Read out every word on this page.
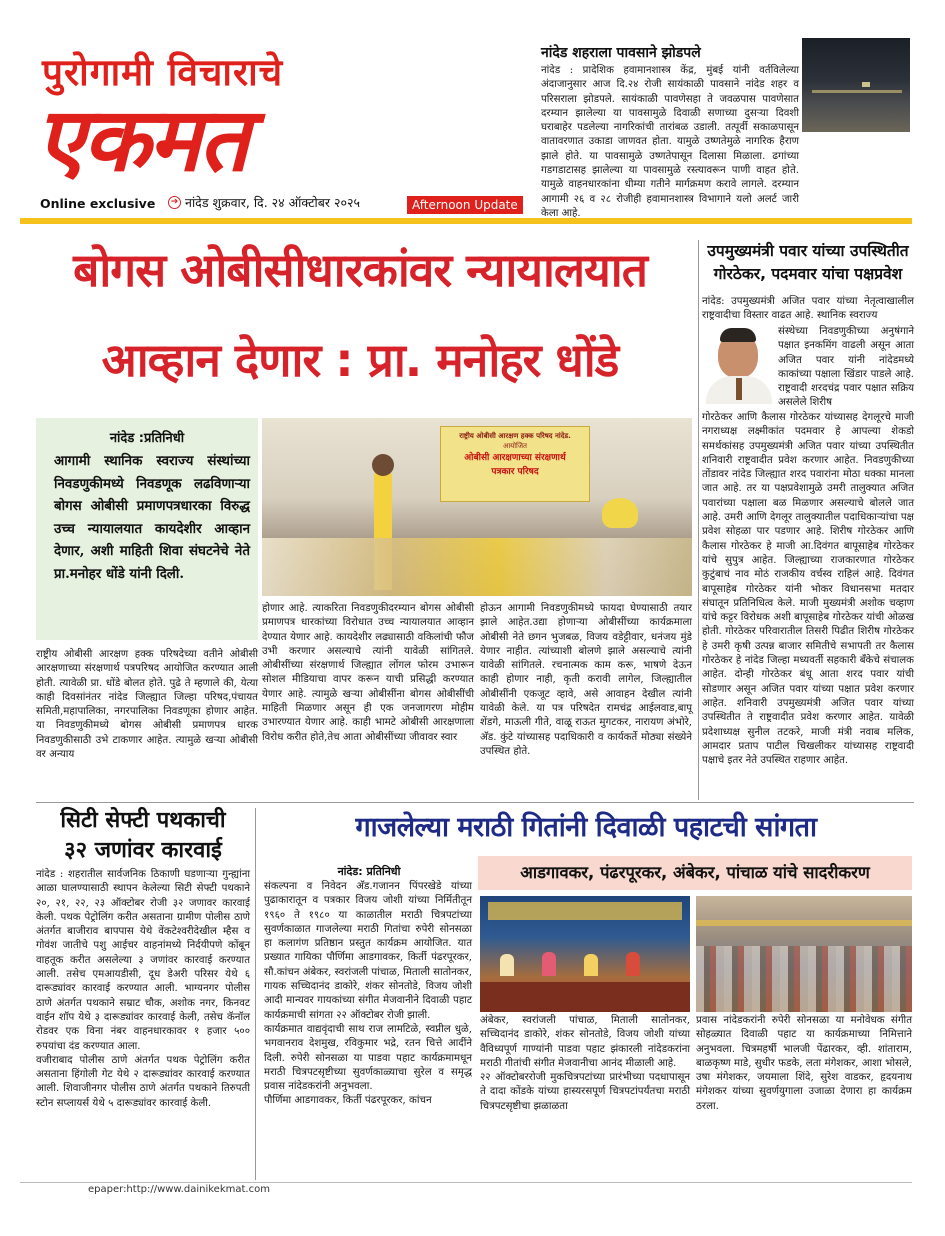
पुरोगामी विचाराचे
एकमत
Online exclusive	➔ नांदेड शुक्रवार, दि. २४ ऑक्टोबर २०२५	Afternoon Update
नांदेड शहराला पावसाने झोडपले
नांदेड : प्रादेशिक हवामानशास्त्र केंद्र, मुंबई यांनी वर्तविलेल्या अंदाजानुसार आज दि.२४ रोजी सायंकाळी पावसाने नांदेड शहर व परिसराला झोडपले. सायंकाळी पावणेसहा ते जवळपास पावणेसात दरम्यान झालेल्या या पावसामुळे दिवाळी सणाच्या दुसऱ्या दिवशी घराबाहेर पडलेल्या नागरिकांची तारांबळ उडाली. तत्पूर्वी सकाळपासून वातावरणात उकाडा जाणवत होता. यामुळे उष्णतेमुळे नागरिक हैराण झाले होते. या पावसामुळे उष्णतेपासून दिलासा मिळाला. ढगांच्या गडगडाटासह झालेल्या या पावसामुळे रस्त्यावरून पाणी वाहत होते. यामुळे वाहनधारकांना धीम्या गतीने मार्गक्रमण करावे लागले. दरम्यान आगामी २६ व २८ रोजीही हवामानशास्त्र विभागाने यलो अलर्ट जारी केला आहे.
बोगस ओबीसीधारकांवर न्यायालयात
आव्हान देणार : प्रा. मनोहर धोंडे
नांदेड :प्रतिनिधी
आगामी स्थानिक स्वराज्य संस्थांच्या निवडणुकीमध्ये निवडणूक लढविणाऱ्या बोगस ओबीसी प्रमाणपत्रधारका विरुद्ध उच्च न्यायालयात कायदेशीर आव्हान देणार, अशी माहिती शिवा संघटनेचे नेते प्रा.मनोहर धोंडे यांनी दिली.
राष्ट्रीय ओबीसी आरक्षण हक्क परिषद नांदेड.
आयोजित
ओबीसी आरक्षणाच्या संरक्षणार्थ
पत्रकार परिषद
राष्ट्रीय ओबीसी आरक्षण हक्क परिषदेच्या वतीने ओबीसी आरक्षणाच्या संरक्षणार्थ पत्रपरिषद आयोजित करण्यात आली होती. त्यावेळी प्रा. धोंडे बोलत होते. पुढे ते म्हणाले की, येत्या काही दिवसांनंतर नांदेड जिल्ह्यात जिल्हा परिषद,पंचायत समिती,महापालिका, नगरपालिका निवडणूका होणार आहेत. या निवडणुकीमध्ये बोगस ओबीसी प्रमाणपत्र धारक निवडणुकीसाठी उभे टाकणार आहेत. त्यामुळे खऱ्या ओबीसी वर अन्याय
होणार आहे. त्याकरिता निवडणुकीदरम्यान बोगस ओबीसी प्रमाणपत्र धारकांच्या विरोधात उच्च न्यायालयात आव्हान देण्यात येणार आहे. कायदेशीर लढ्यासाठी वकिलांची फौज उभी करणार असल्याचे त्यांनी यावेळी सांगितले. ओबीसींच्या संरक्षणार्थ जिल्ह्यात लोंगल फोरम उभारून सोशल मीडियाचा वापर करून याची प्रसिद्धी करण्यात येणार आहे. त्यामुळे खऱ्या ओबीसींना बोगस ओबीसींची माहिती मिळणार असून ही एक जनजागरण मोहीम उभारण्यात येणार आहे. काही भामटे ओबीसी आरक्षणाला विरोध करीत होते,तेच आता ओबीसींच्या जीवावर स्वार
होऊन आगामी निवडणुकीमध्ये फायदा घेण्यासाठी तयार झाले आहेत.उद्या होणाऱ्या ओबीसींच्या कार्यक्रमाला ओबीसी नेते छगन भुजबळ, विजय वडेट्टीवार, धनंजय मुंडे येणार नाहीत. त्यांच्याशी बोलणे झाले असल्याचे त्यांनी यावेळी सांगितले. रचनात्मक काम करू, भाषणे देऊन काही होणार नाही, कृती करावी लागेल, जिल्ह्यातील ओबीसींनी एकजूट व्हावे, असे आवाहन देखील त्यांनी यावेळी केले. या पत्र परिषदेत रामचंद्र आईलवाड,बापू शेंडगे, माऊली गीते, वाळू राऊत मुगटकर, नारायण अंभोरे, अ‍ॅड. कुंटे यांच्यासह पदाधिकारी व कार्यकर्ते मोठ्या संख्येने उपस्थित होते.
उपमुख्यमंत्री पवार यांच्या उपस्थितीत गोरठेकर, पदमवार यांचा पक्षप्रवेश
नांदेड: उपमुख्यमंत्री अजित पवार यांच्या नेतृत्वाखालील राष्ट्रवादीचा विस्तार वाढत आहे. स्थानिक स्वराज्य
संस्थेच्या निवडणुकीच्या अनुषंगाने पक्षात इनकमिंग वाढली असून आता अजित पवार यांनी नांदेडमध्ये काकांच्या पक्षाला खिंडार पाडले आहे. राष्ट्रवादी शरदचंद्र पवार पक्षात सक्रिय असलेले शिरीष
गोरठेकर आणि कैलास गोरठेकर यांच्यासह देगलूरचे माजी नगराध्यक्ष लक्ष्मीकांत पदमवार हे आपल्या शेकडो समर्थकांसह उपमुख्यमंत्री अजित पवार यांच्या उपस्थितीत शनिवारी राष्ट्रवादीत प्रवेश करणार आहेत. निवडणुकीच्या तोंडावर नांदेड जिल्ह्यात शरद पवारांना मोठा धक्का मानला जात आहे. तर या पक्षप्रवेशामुळे उमरी तालुक्यात अजित पवारांच्या पक्षाला बळ मिळणार असल्याचे बोलले जात आहे. उमरी आणि देगलूर तालुक्यातील पदाधिकाऱ्यांचा पक्ष प्रवेश सोहळा पार पडणार आहे. शिरीष गोरठेकर आणि कैलास गोरठेकर हे माजी आ.दिवंगत बापूसाहेब गोरठेकर यांचे सुपुत्र आहेत. जिल्ह्याच्या राजकारणात गोरठेकर कुटुंबाचं नाव मोठं राजकीय वर्चस्व राहिलं आहे. दिवंगत बापूसाहेब गोरठेकर यांनी भोकर विधानसभा मतदार संघातून प्रतिनिधित्व केले. माजी मुख्यमंत्री अशोक चव्हाण यांचे कट्टर विरोधक अशी बापूसाहेब गोरठेकर यांची ओळख होती. गोरठेकर परिवारातील तिसरी पिढीत शिरीष गोरठेकर हे उमरी कृषी उत्पन्न बाजार समितीचे सभापती तर कैलास गोरठेकर हे नांदेड जिल्हा मध्यवर्ती सहकारी बँकेचे संचालक आहेत. दोन्ही गोरठेकर बंधू आता शरद पवार यांची सोडणार असून अजित पवार यांच्या पक्षात प्रवेश करणार आहेत. शनिवारी उपमुख्यमंत्री अजित पवार यांच्या उपस्थितीत ते राष्ट्रवादीत प्रवेश करणार आहेत. यावेळी प्रदेशाध्यक्ष सुनील तटकरे, माजी मंत्री नवाब मलिक, आमदार प्रताप पाटील चिखलीकर यांच्यासह राष्ट्रवादी पक्षाचे इतर नेते उपस्थित राहणार आहेत.
सिटी सेफ्टी पथकाची
३२ जणांवर कारवाई
नांदेड : शहरातील सार्वजनिक ठिकाणी घडणाऱ्या गुन्ह्यांना आळा घालण्यासाठी स्थापन केलेल्या सिटी सेफ्टी पथकाने २०, २१, २२, २३ ऑक्टोबर रोजी ३२ जणावर कारवाई केली. पथक पेट्रोलिंग करीत असताना ग्रामीण पोलीस ठाणे अंतर्गत बाजीराव बापपास येथे वेंकटेश्वरीदेखील म्हैस व गोवंश जातीचे पशु आईचर वाहनांमध्ये निर्दयीपणे कोंबून वाहतूक करीत असलेल्या ३ जणांवर कारवाई करण्यात आली. तसेच एमआयडीसी, दूध डेअरी परिसर येथे ६ दारूड्यांवर कारवाई करण्यात आली. भाग्यनगर पोलीस ठाणे अंतर्गत पथकाने सम्राट चौक, अशोक नगर, किनवट वाईन शॉप येथे ३ दारूड्यांवर कारवाई केली, तसेच कॅनॉल रोडवर एक विना नंबर वाहनधारकावर १ हजार ५०० रुपयांचा दंड करण्यात आला.
वजीराबाद पोलीस ठाणे अंतर्गत पथक पेट्रोलिंग करीत असताना हिंगोली गेट येथे २ दारूड्यांवर कारवाई करण्यात आली. शिवाजीनगर पोलीस ठाणे अंतर्गत पथकाने तिरुपती स्टोन सप्लायर्स येथे ५ दारूड्यांवर कारवाई केली.
गाजलेल्या मराठी गितांनी दिवाळी पहाटची सांगता
आडगावकर, पंढरपूरकर, अंबेकर, पांचाळ यांचे सादरीकरण
नांदेड: प्रतिनिधी
संकल्पना व निवेदन अ‍ॅड.गजानन पिंपरखेडे यांच्या पुढाकारातून व पत्रकार विजय जोशी यांच्या निर्मितीतून १९६० ते १९८० या काळातील मराठी चित्रपटांच्या सुवर्णकाळात गाजलेल्या मराठी गितांचा रुपेरी सोनसळा हा कलागंण प्रतिष्ठान प्रस्तुत कार्यक्रम आयोजित. यात प्रख्यात गायिका पौर्णिमा आडगावकर, किर्ती पंढरपूरकर, सौ.कांचन अंबेकर, स्वरांजली पांचाळ, मिताली सातोनकर, गायक सच्चिदानंद डाकोरे, शंकर सोनतोडे, विजय जोशी आदी मान्यवर गायकांच्या संगीत मेजवानीने दिवाळी पहाट कार्यक्रमाची सांगता २२ ऑक्टोबर रोजी झाली.
कार्यक्रमात वाद्यवृंदाची साथ राज लामटिळे, स्वप्नील धुळे, भगवानराव देशमुख, रविकुमार भद्रे, रतन चित्ते आदींने दिली. रुपेरी सोनसळा या पाडवा पहाट कार्यक्रमामधून मराठी चित्रपटसृष्टीच्या सुवर्णकाळ्याचा सुरेल व समृद्ध प्रवास नांदेडकरांनी अनुभवला.
पौर्णिमा आडगावकर, किर्ती पंढरपूरकर, कांचन
अंबेकर, स्वरांजली पांचाळ, मिताली सातोनकर, सच्चिदानंद डाकोरे, शंकर सोनतोडे, विजय जोशी यांच्या वैविध्यपूर्ण गाण्यांनी पाडवा पहाट झंकारली नांदेडकरांना मराठी गीतांची संगीत मेजवानीचा आनंद मीळाली आहे.
२२ ऑक्टोबररोजी मुकचित्रपटांच्या प्रारंभीच्या पदधापासून ते दादा कोंडके यांच्या हास्यरसपूर्ण चित्रपटांपर्यंतचा मराठी चित्रपटसृष्टीचा झळाळता
प्रवास नांदेडकरांनी रुपेरी सोनसळा या मनोवेधक संगीत सोहळ्यात दिवाळी पहाट या कार्यक्रमाच्या निमित्ताने अनुभवला. चित्रमहर्षी भालजी पेंढारकर, व्ही. शांताराम, बाळकृष्ण माडे, सुधीर फडके, लता मंगेशकर, आशा भोसले, उषा मंगेशकर, जयमाला शिंदे, सुरेश वाडकर, हृदयनाथ मंगेशकर यांच्या सुवर्णयुगाला उजाळा देणारा हा कार्यक्रम ठरला.
epaper:http://www.dainikekmat.com
